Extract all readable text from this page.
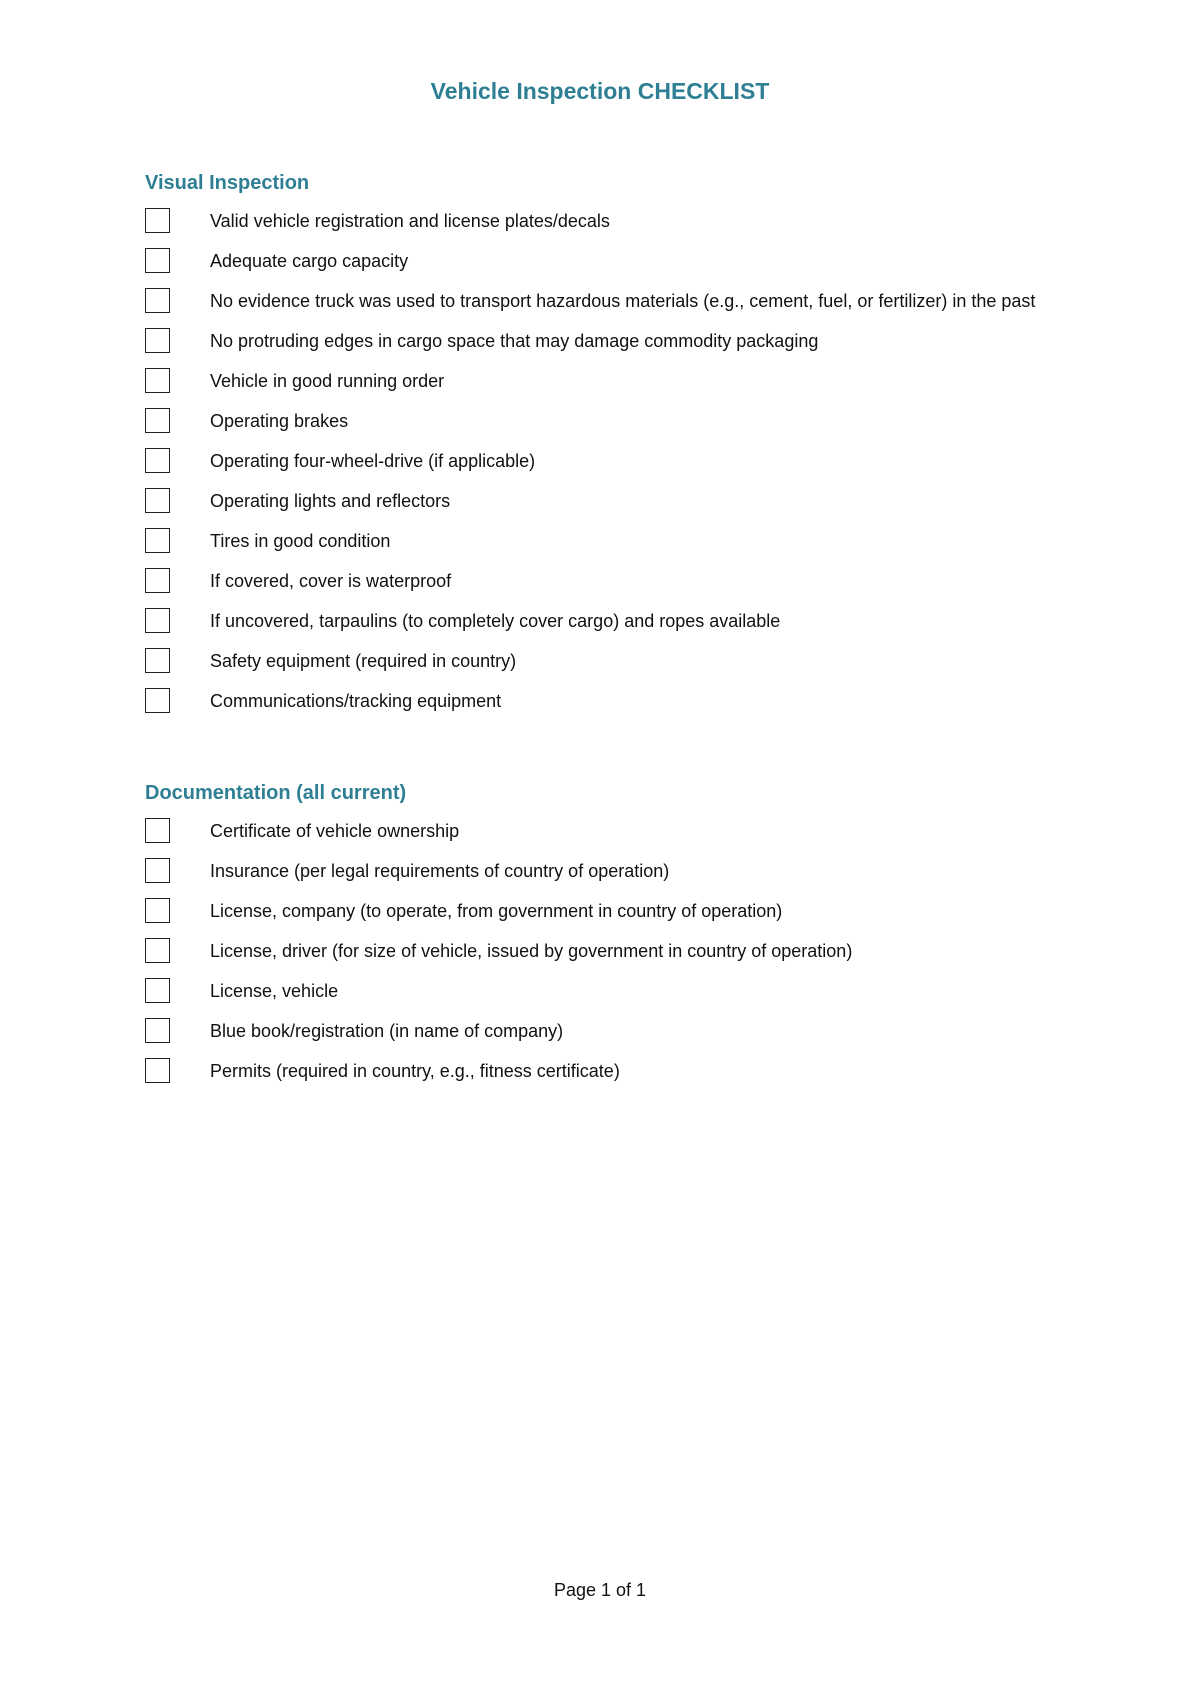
Vehicle Inspection CHECKLIST
Visual Inspection
Valid vehicle registration and license plates/decals
Adequate cargo capacity
No evidence truck was used to transport hazardous materials (e.g., cement, fuel, or fertilizer) in the past
No protruding edges in cargo space that may damage commodity packaging
Vehicle in good running order
Operating brakes
Operating four-wheel-drive (if applicable)
Operating lights and reflectors
Tires in good condition
If covered, cover is waterproof
If uncovered, tarpaulins (to completely cover cargo) and ropes available
Safety equipment (required in country)
Communications/tracking equipment
Documentation (all current)
Certificate of vehicle ownership
Insurance (per legal requirements of country of operation)
License, company (to operate, from government in country of operation)
License, driver (for size of vehicle, issued by government in country of operation)
License, vehicle
Blue book/registration (in name of company)
Permits (required in country, e.g., fitness certificate)
Page 1 of 1
